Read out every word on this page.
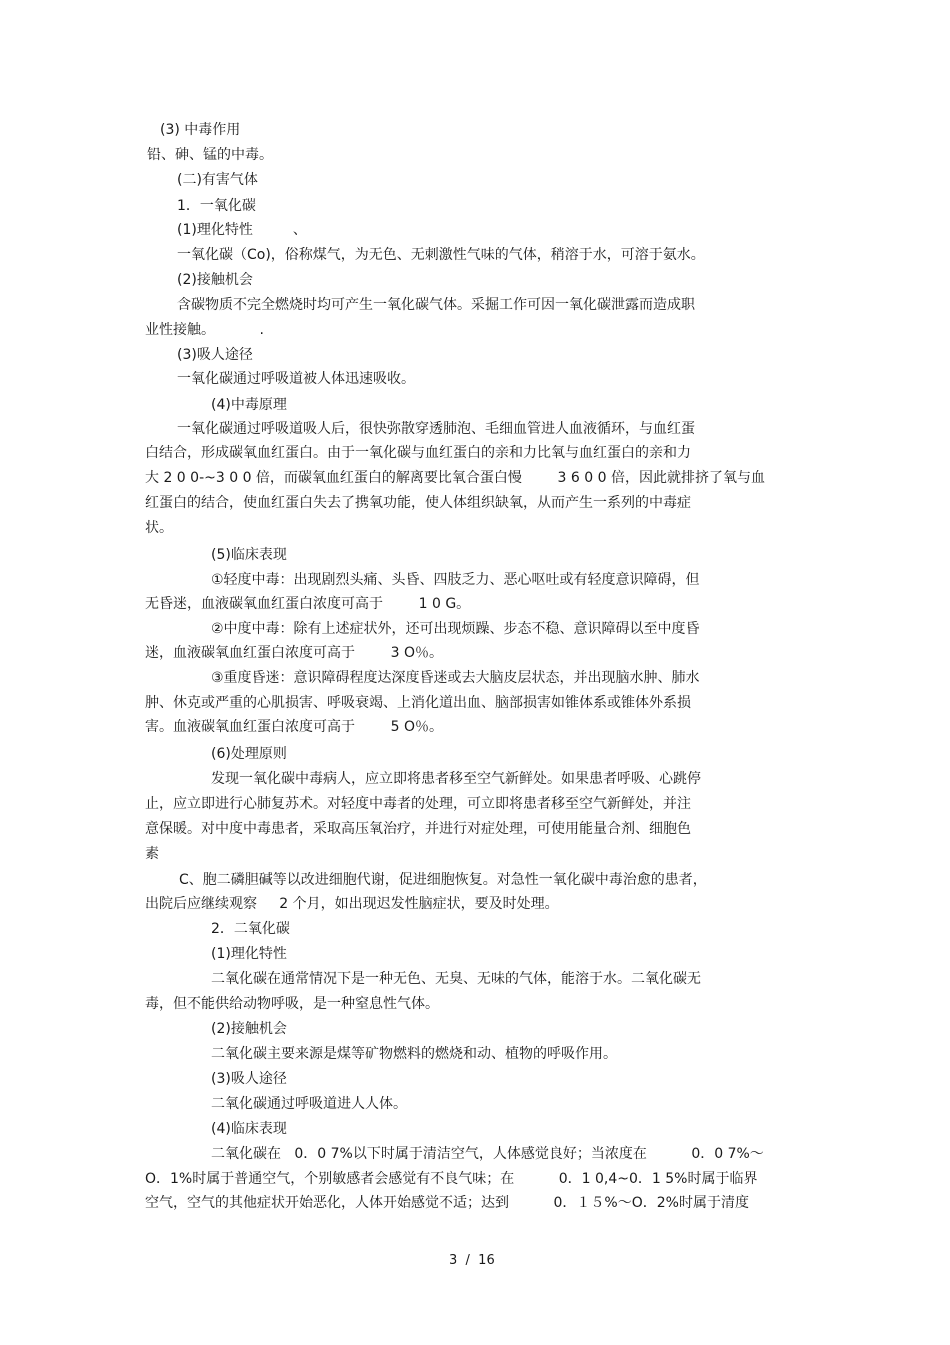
(3) 中毒作用

铅、砷、锰的中毒。

(二)有害气体

1．一氧化碳

(1)理化特性         、

一氧化碳（Co)，俗称煤气，为无色、无刺激性气味的气体，稍溶于水，可溶于氨水。

(2)接触机会

含碳物质不完全燃烧时均可产生一氧化碳气体。采掘工作可因一氧化碳泄露而造成职

业性接触。          .

(3)吸人途径

一氧化碳通过呼吸道被人体迅速吸收。

(4)中毒原理

一氧化碳通过呼吸道吸人后，很快弥散穿透肺泡、毛细血管进人血液循环，与血红蛋

白结合，形成碳氧血红蛋白。由于一氧化碳与血红蛋白的亲和力比氧与血红蛋白的亲和力

大 2 0 0-~3 0 0 倍，而碳氧血红蛋白的解离要比氧合蛋白慢        3 6 0 0 倍，因此就排挤了氧与血

红蛋白的结合，使血红蛋白失去了携氧功能，使人体组织缺氧，从而产生一系列的中毒症

状。

(5)临床表现

①轻度中毒：出现剧烈头痛、头昏、四肢乏力、恶心呕吐或有轻度意识障碍，但

无昏迷，血液碳氧血红蛋白浓度可高于        1 0 G。

②中度中毒：除有上述症状外，还可出现烦躁、步态不稳、意识障碍以至中度昏

迷，血液碳氧血红蛋白浓度可高于        3 O％。

③重度昏迷：意识障碍程度达深度昏迷或去大脑皮层状态，并出现脑水肿、肺水

肿、休克或严重的心肌损害、呼吸衰竭、上消化道出血、脑部损害如锥体系或锥体外系损

害。血液碳氧血红蛋白浓度可高于        5 O％。

(6)处理原则

发现一氧化碳中毒病人，应立即将患者移至空气新鲜处。如果患者呼吸、心跳停

止，应立即进行心肺复苏术。对轻度中毒者的处理，可立即将患者移至空气新鲜处，并注

意保暖。对中度中毒患者，采取高压氧治疗，并进行对症处理，可使用能量合剂、细胞色

素

C、胞二磷胆碱等以改进细胞代谢，促进细胞恢复。对急性一氧化碳中毒治愈的患者，

出院后应继续观察     2 个月，如出现迟发性脑症状，要及时处理。

2．二氧化碳

(1)理化特性

二氧化碳在通常情况下是一种无色、无臭、无味的气体，能溶于水。二氧化碳无

毒，但不能供给动物呼吸，是一种窒息性气体。

(2)接触机会

二氧化碳主要来源是煤等矿物燃料的燃烧和动、植物的呼吸作用。

(3)吸人途径

二氧化碳通过呼吸道进人人体。

(4)临床表现

二氧化碳在   0．0 7%以下时属于清洁空气，人体感觉良好；当浓度在          0．0 7%～

O．1%时属于普通空气，个别敏感者会感觉有不良气味；在          0．1 0,4~0．1 5%时属于临界

空气，空气的其他症状开始恶化，人体开始感觉不适；达到          0．１５%～O．2%时属于清度

3  /  16
